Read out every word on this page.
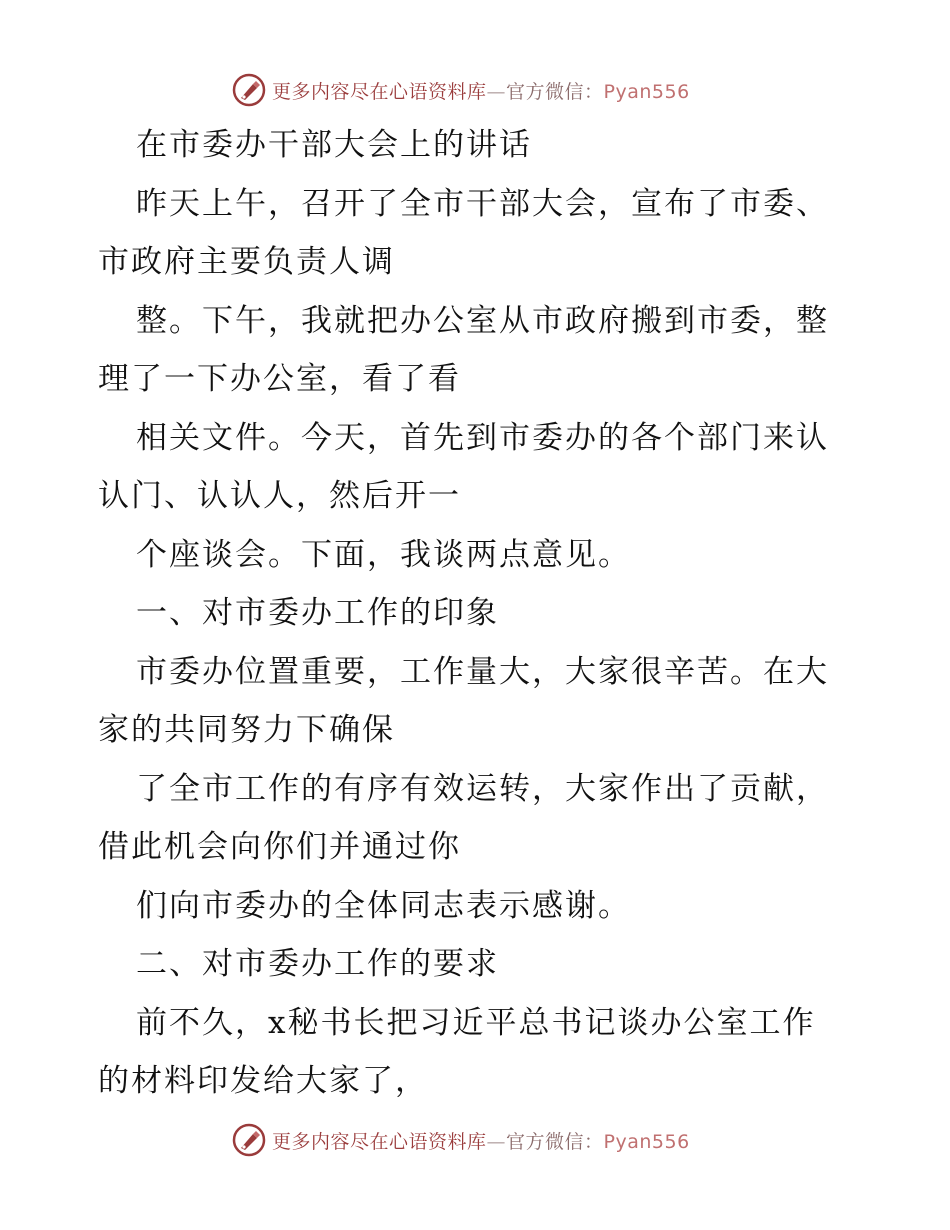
更多内容尽在心语资料库—官方微信：Pyan556
在市委办干部大会上的讲话
昨天上午，召开了全市干部大会，宣布了市委、
市政府主要负责人调
整。下午，我就把办公室从市政府搬到市委，整
理了一下办公室，看了看
相关文件。今天，首先到市委办的各个部门来认
认门、认认人，然后开一
个座谈会。下面，我谈两点意见。
一、对市委办工作的印象
市委办位置重要，工作量大，大家很辛苦。在大
家的共同努力下确保
了全市工作的有序有效运转，大家作出了贡献，
借此机会向你们并通过你
们向市委办的全体同志表示感谢。
二、对市委办工作的要求
前不久，x秘书长把习近平总书记谈办公室工作
的材料印发给大家了，
更多内容尽在心语资料库—官方微信：Pyan556
